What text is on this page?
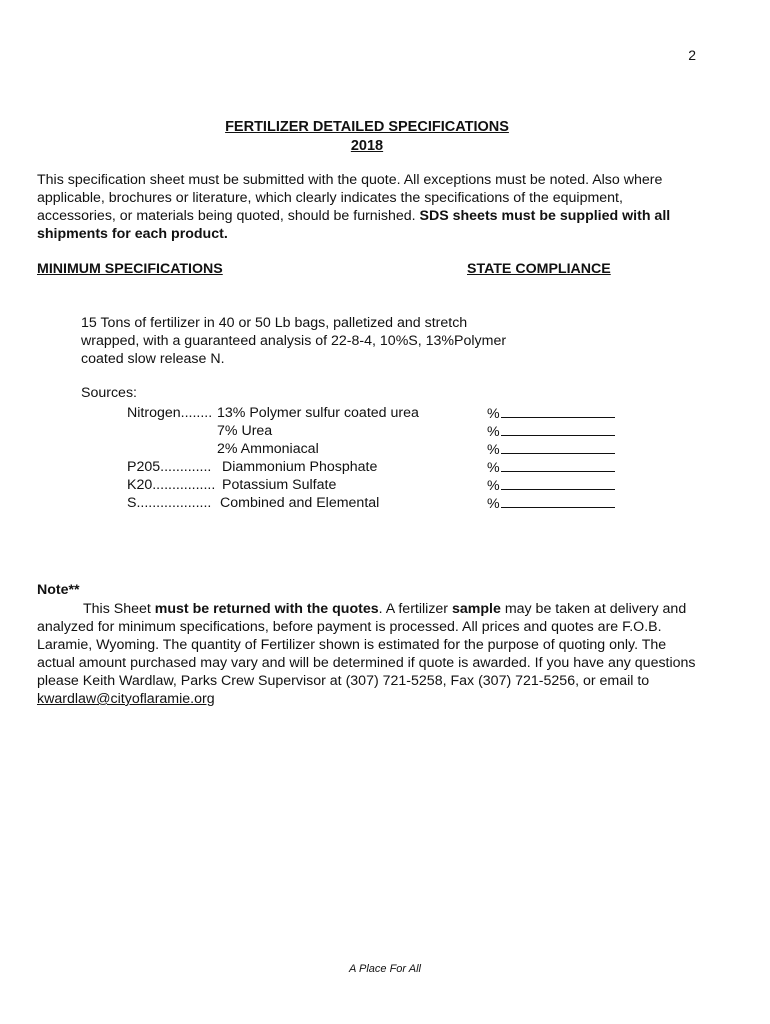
2
FERTILIZER DETAILED SPECIFICATIONS
2018

This specification sheet must be submitted with the quote. All exceptions must be noted. Also where applicable, brochures or literature, which clearly indicates the specifications of the equipment, accessories, or materials being quoted, should be furnished. SDS sheets must be supplied with all shipments for each product.

MINIMUM SPECIFICATIONS	STATE COMPLIANCE
15 Tons of fertilizer in 40 or 50 Lb bags, palletized and stretch wrapped, with a guaranteed analysis of 22-8-4, 10%S, 13%Polymer coated slow release N.
Sources:
Nitrogen........ 13% Polymer sulfur coated urea	%
7% Urea	%
2% Ammoniacal	%
P205............. Diammonium Phosphate	%
K20................ Potassium Sulfate	%
S................... Combined and Elemental	%
Note**

This Sheet must be returned with the quotes. A fertilizer sample may be taken at delivery and analyzed for minimum specifications, before payment is processed. All prices and quotes are F.O.B. Laramie, Wyoming. The quantity of Fertilizer shown is estimated for the purpose of quoting only. The actual amount purchased may vary and will be determined if quote is awarded. If you have any questions please Keith Wardlaw, Parks Crew Supervisor at (307) 721-5258, Fax (307) 721-5256, or email to kwardlaw@cityoflaramie.org

A Place For All
